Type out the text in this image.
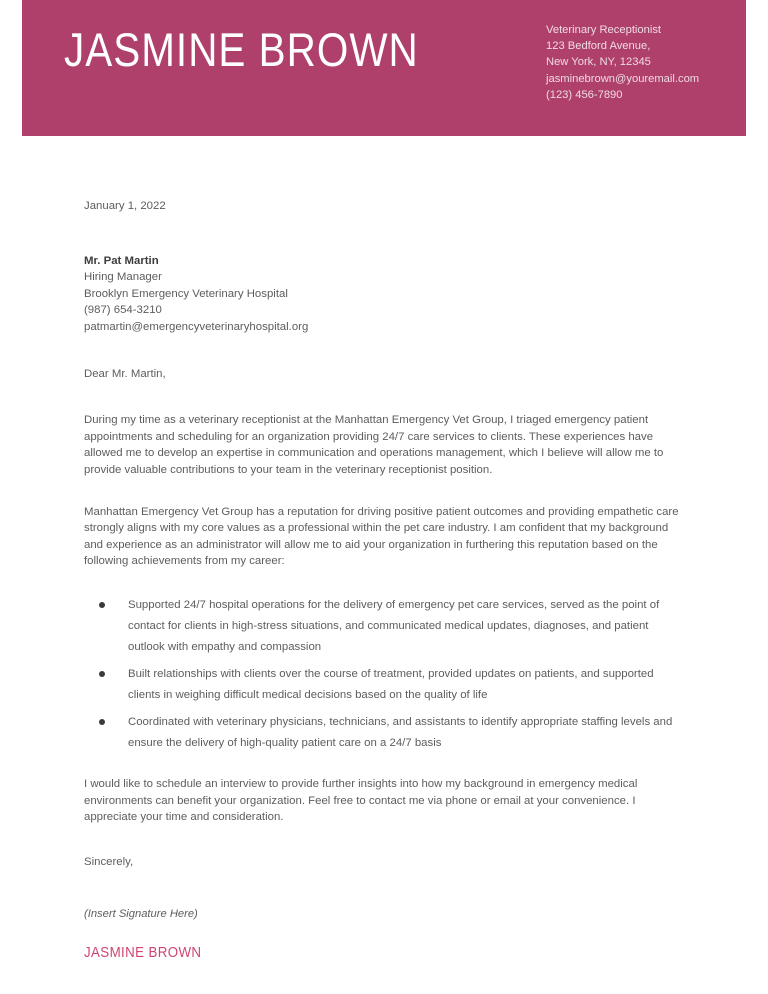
JASMINE BROWN	Veterinary Receptionist
123 Bedford Avenue,
New York, NY, 12345
jasminebrown@youremail.com
(123) 456-7890
January 1, 2022
Mr. Pat Martin
Hiring Manager
Brooklyn Emergency Veterinary Hospital
(987) 654-3210
patmartin@emergencyveterinaryhospital.org
Dear Mr. Martin,

During my time as a veterinary receptionist at the Manhattan Emergency Vet Group, I triaged emergency patient appointments and scheduling for an organization providing 24/7 care services to clients. These experiences have allowed me to develop an expertise in communication and operations management, which I believe will allow me to provide valuable contributions to your team in the veterinary receptionist position.

Manhattan Emergency Vet Group has a reputation for driving positive patient outcomes and providing empathetic care strongly aligns with my core values as a professional within the pet care industry. I am confident that my background and experience as an administrator will allow me to aid your organization in furthering this reputation based on the following achievements from my career:

Supported 24/7 hospital operations for the delivery of emergency pet care services, served as the point of contact for clients in high-stress situations, and communicated medical updates, diagnoses, and patient outlook with empathy and compassion
Built relationships with clients over the course of treatment, provided updates on patients, and supported clients in weighing difficult medical decisions based on the quality of life
Coordinated with veterinary physicians, technicians, and assistants to identify appropriate staffing levels and ensure the delivery of high-quality patient care on a 24/7 basis

I would like to schedule an interview to provide further insights into how my background in emergency medical environments can benefit your organization. Feel free to contact me via phone or email at your convenience. I appreciate your time and consideration.

Sincerely,
(Insert Signature Here)
JASMINE BROWN
